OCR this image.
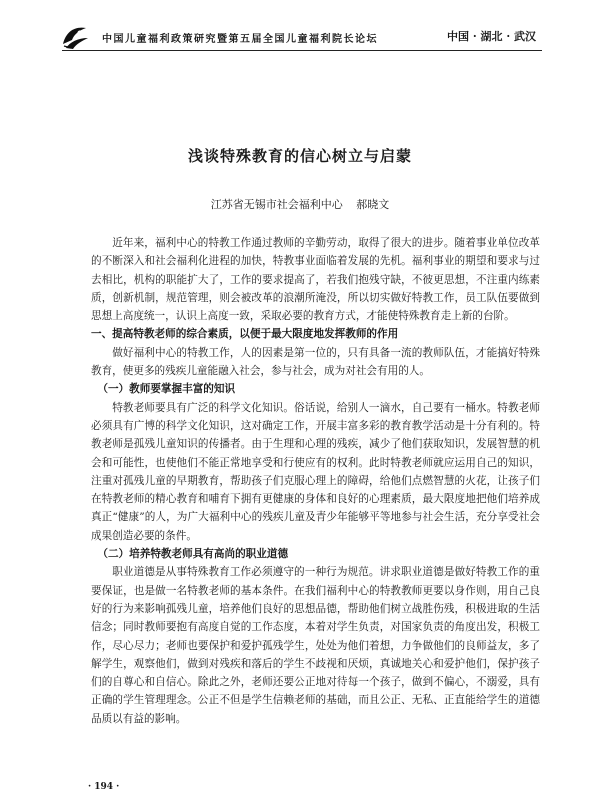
中国儿童福利政策研究暨第五届全国儿童福利院长论坛	中国 · 湖北 · 武汉
浅谈特殊教育的信心树立与启蒙
江苏省无锡市社会福利中心 郝晓文

近年来，福利中心的特教工作通过教师的辛勤劳动，取得了很大的进步。随着事业单位改革的不断深入和社会福利化进程的加快，特教事业面临着发展的先机。福利事业的期望和要求与过去相比，机构的职能扩大了，工作的要求提高了，若我们抱残守缺，不彼更思想，不注重内练素质，创新机制，规范管理，则会被改革的浪潮所淹没，所以切实做好特教工作，员工队伍要做到思想上高度统一，认识上高度一致，采取必要的教育方式，才能使特殊教育走上新的台阶。

一、提高特教老师的综合素质，以便于最大限度地发挥教师的作用

做好福利中心的特教工作，人的因素是第一位的，只有具备一流的教师队伍，才能搞好特殊教育，使更多的残疾儿童能融入社会，参与社会，成为对社会有用的人。

（一）教师要掌握丰富的知识

特教老师要具有广泛的科学文化知识。俗话说，给别人一滴水，自己要有一桶水。特教老师必须具有广博的科学文化知识，这对确定工作，开展丰富多彩的教育教学活动是十分有利的。特教老师是孤残儿童知识的传播者。由于生理和心理的残疾，减少了他们获取知识，发展智慧的机会和可能性，也使他们不能正常地享受和行使应有的权利。此时特教老师就应运用自己的知识，注重对孤残儿童的早期教育，帮助孩子们克服心理上的障碍，给他们点燃智慧的火花，让孩子们在特教老师的精心教育和哺育下拥有更健康的身体和良好的心理素质，最大限度地把他们培养成真正“健康”的人，为广大福利中心的残疾儿童及青少年能够平等地参与社会生活，充分享受社会成果创造必要的条件。

（二）培养特教老师具有高尚的职业道德

职业道德是从事特殊教育工作必须遵守的一种行为规范。讲求职业道德是做好特教工作的重要保证，也是做一名特教老师的基本条件。在我们福利中心的特教教师更要以身作则，用自己良好的行为来影响孤残儿童，培养他们良好的思想品德，帮助他们树立战胜伤残，积极进取的生活信念；同时教师要抱有高度自觉的工作态度，本着对学生负责，对国家负责的角度出发，积极工作，尽心尽力；老师也要保护和爱护孤残学生，处处为他们着想，力争做他们的良师益友，多了解学生，观察他们，做到对残疾和落后的学生不歧视和厌烦，真诚地关心和爱护他们，保护孩子们的自尊心和自信心。除此之外，老师还要公正地对待每一个孩子，做到不偏心，不溺爱，具有正确的学生管理理念。公正不但是学生信赖老师的基础，而且公正、无私、正直能给学生的道德品质以有益的影响。

· 194 ·
